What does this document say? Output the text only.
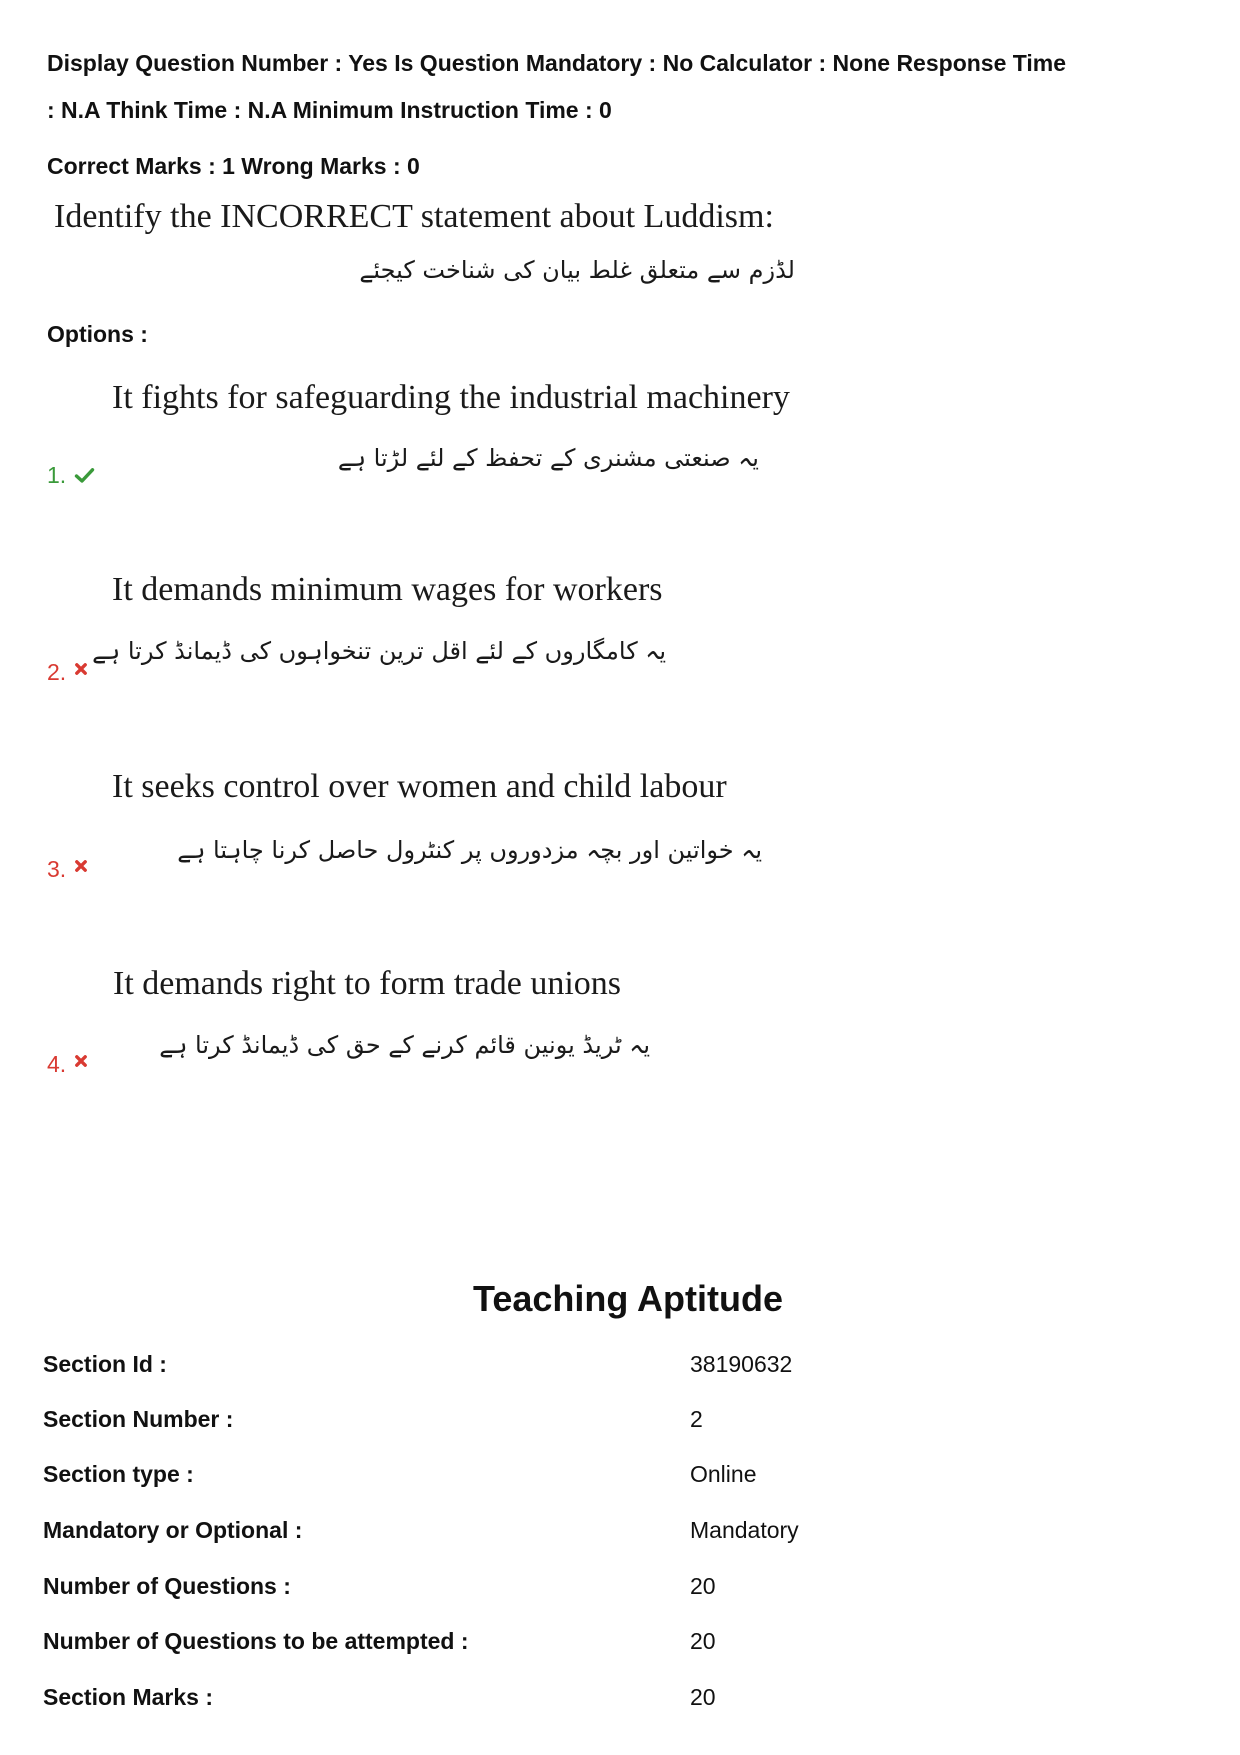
Display Question Number : Yes Is Question Mandatory : No Calculator : None Response Time
: N.A Think Time : N.A Minimum Instruction Time : 0
Correct Marks : 1 Wrong Marks : 0
Identify the INCORRECT statement about Luddism:
لڈزم سے متعلق غلط بیان کی شناخت کیجئے
Options :
It fights for safeguarding the industrial machinery
یہ صنعتی مشنری کے تحفظ کے لئے لڑتا ہے
1.
It demands minimum wages for workers
یہ کامگاروں کے لئے اقل ترین تنخواہوں کی ڈیمانڈ کرتا ہے
2.
It seeks control over women and child labour
یہ خواتین اور بچہ مزدوروں پر کنٹرول حاصل کرنا چاہتا ہے
3.
It demands right to form trade unions
یہ ٹریڈ یونین قائم کرنے کے حق کی ڈیمانڈ کرتا ہے
4.
Teaching Aptitude
Section Id :	38190632
Section Number :	2
Section type :	Online
Mandatory or Optional :	Mandatory
Number of Questions :	20
Number of Questions to be attempted :	20
Section Marks :	20
